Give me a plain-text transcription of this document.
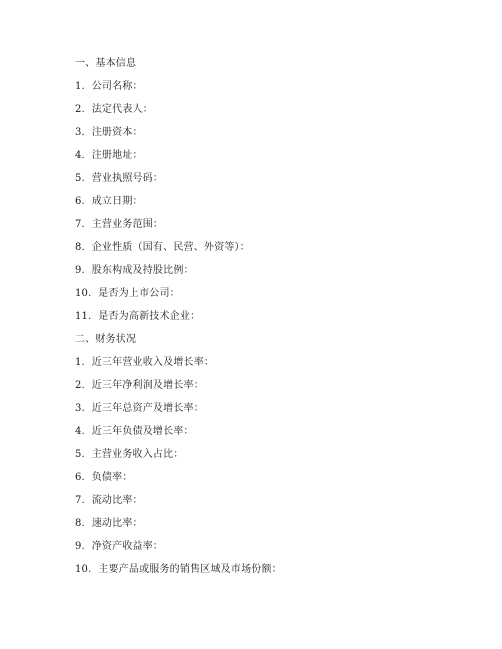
一、基本信息
1. 公司名称：
2. 法定代表人：
3. 注册资本：
4. 注册地址：
5. 营业执照号码：
6. 成立日期：
7. 主营业务范围：
8. 企业性质（国有、民营、外资等）：
9. 股东构成及持股比例：
10. 是否为上市公司：
11. 是否为高新技术企业：
二、财务状况
1. 近三年营业收入及增长率：
2. 近三年净利润及增长率：
3. 近三年总资产及增长率：
4. 近三年负债及增长率：
5. 主营业务收入占比：
6. 负债率：
7. 流动比率：
8. 速动比率：
9. 净资产收益率：
10. 主要产品或服务的销售区域及市场份额：
